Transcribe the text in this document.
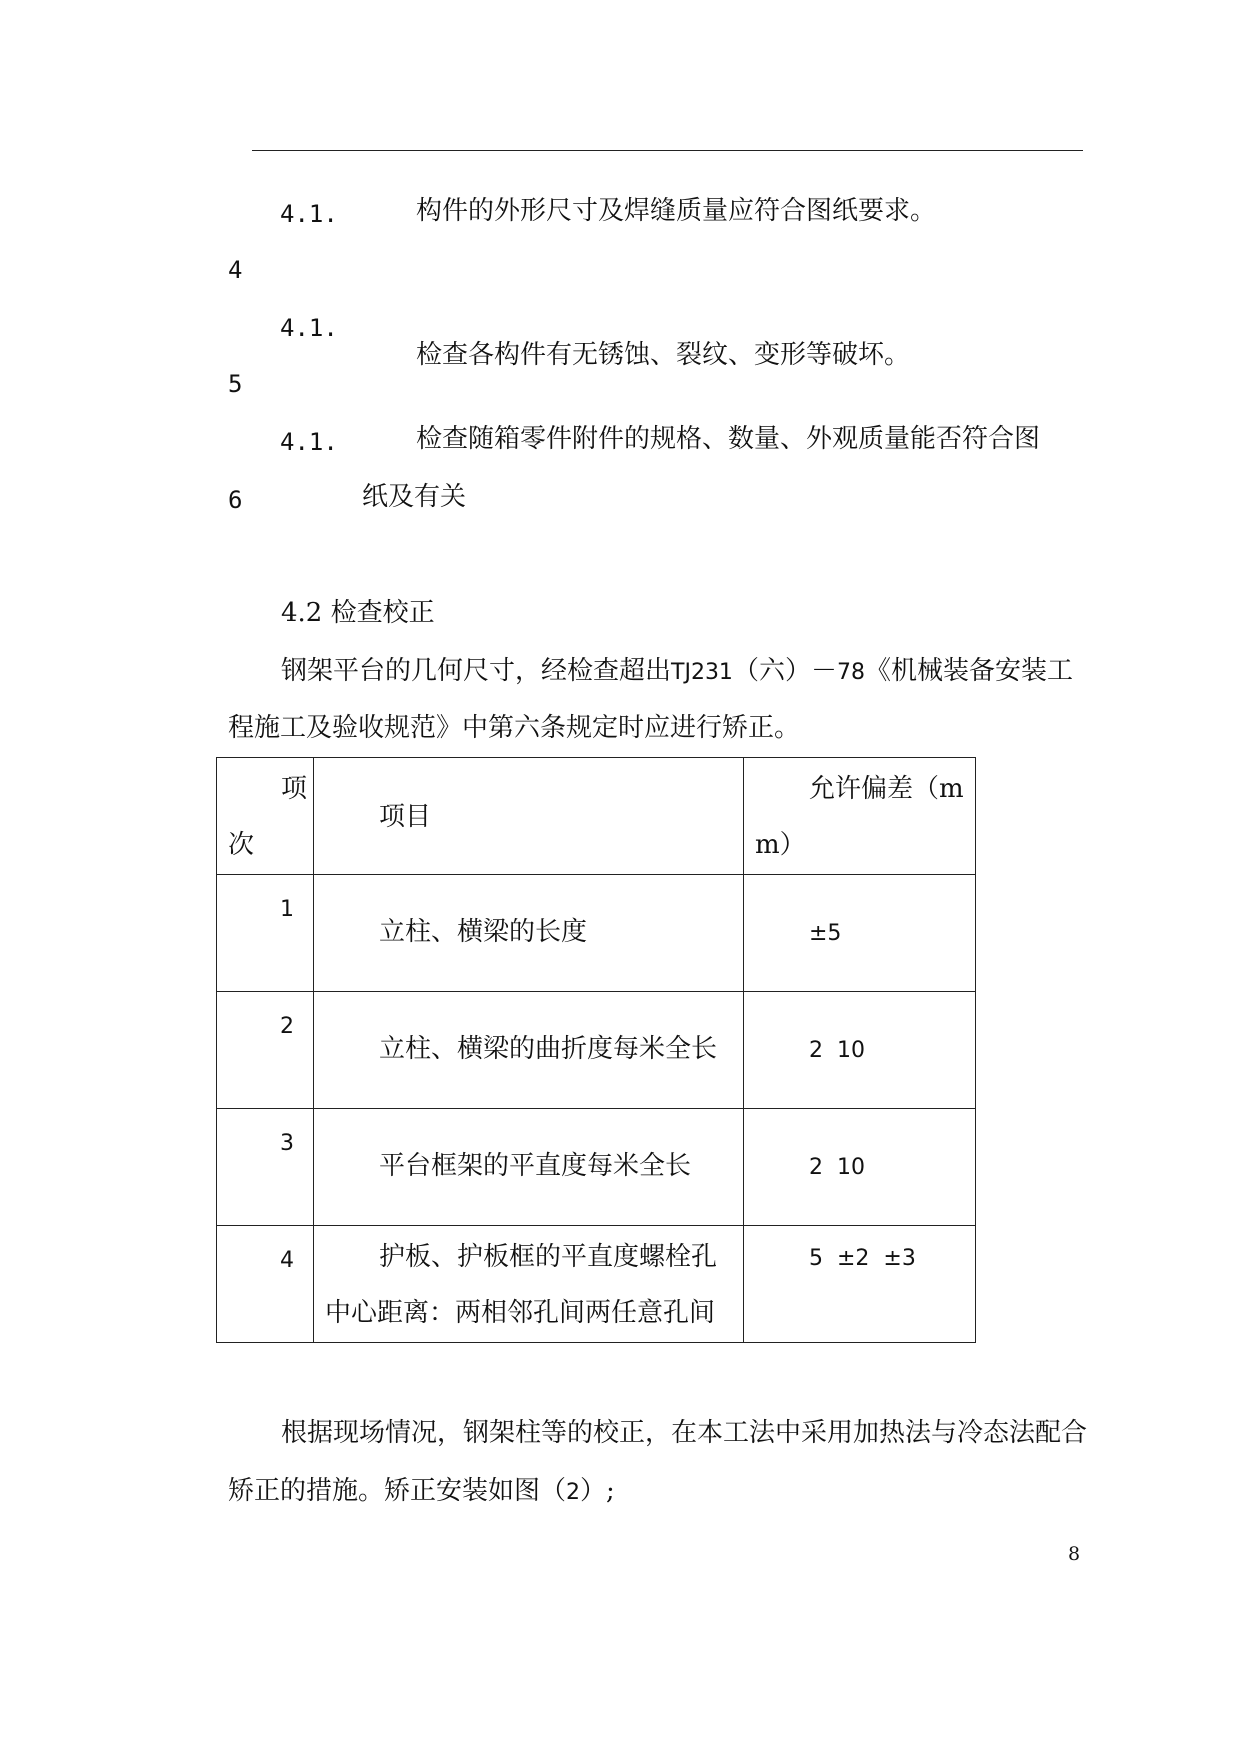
4.1.	构件的外形尺寸及焊缝质量应符合图纸要求。
4
4.1.
检查各构件有无锈蚀、裂纹、变形等破坏。
5
4.1.	检查随箱零件附件的规格、数量、外观质量能否符合图
6	纸及有关
4.2 检查校正
钢架平台的几何尺寸，经检查超出TJ231（六）－78《机械装备安装工
程施工及验收规范》中第六条规定时应进行矫正。
项
次	项目	允许偏差（m
m）

1	立柱、横梁的长度	±5

2	立柱、横梁的曲折度每米全长	2  10

3	平台框架的平直度每米全长	2  10

4	护板、护板框的平直度螺栓孔
中心距离：两相邻孔间两任意孔间	5  ±2  ±3
根据现场情况，钢架柱等的校正，在本工法中采用加热法与冷态法配合
矫正的措施。矫正安装如图（2）;
8
